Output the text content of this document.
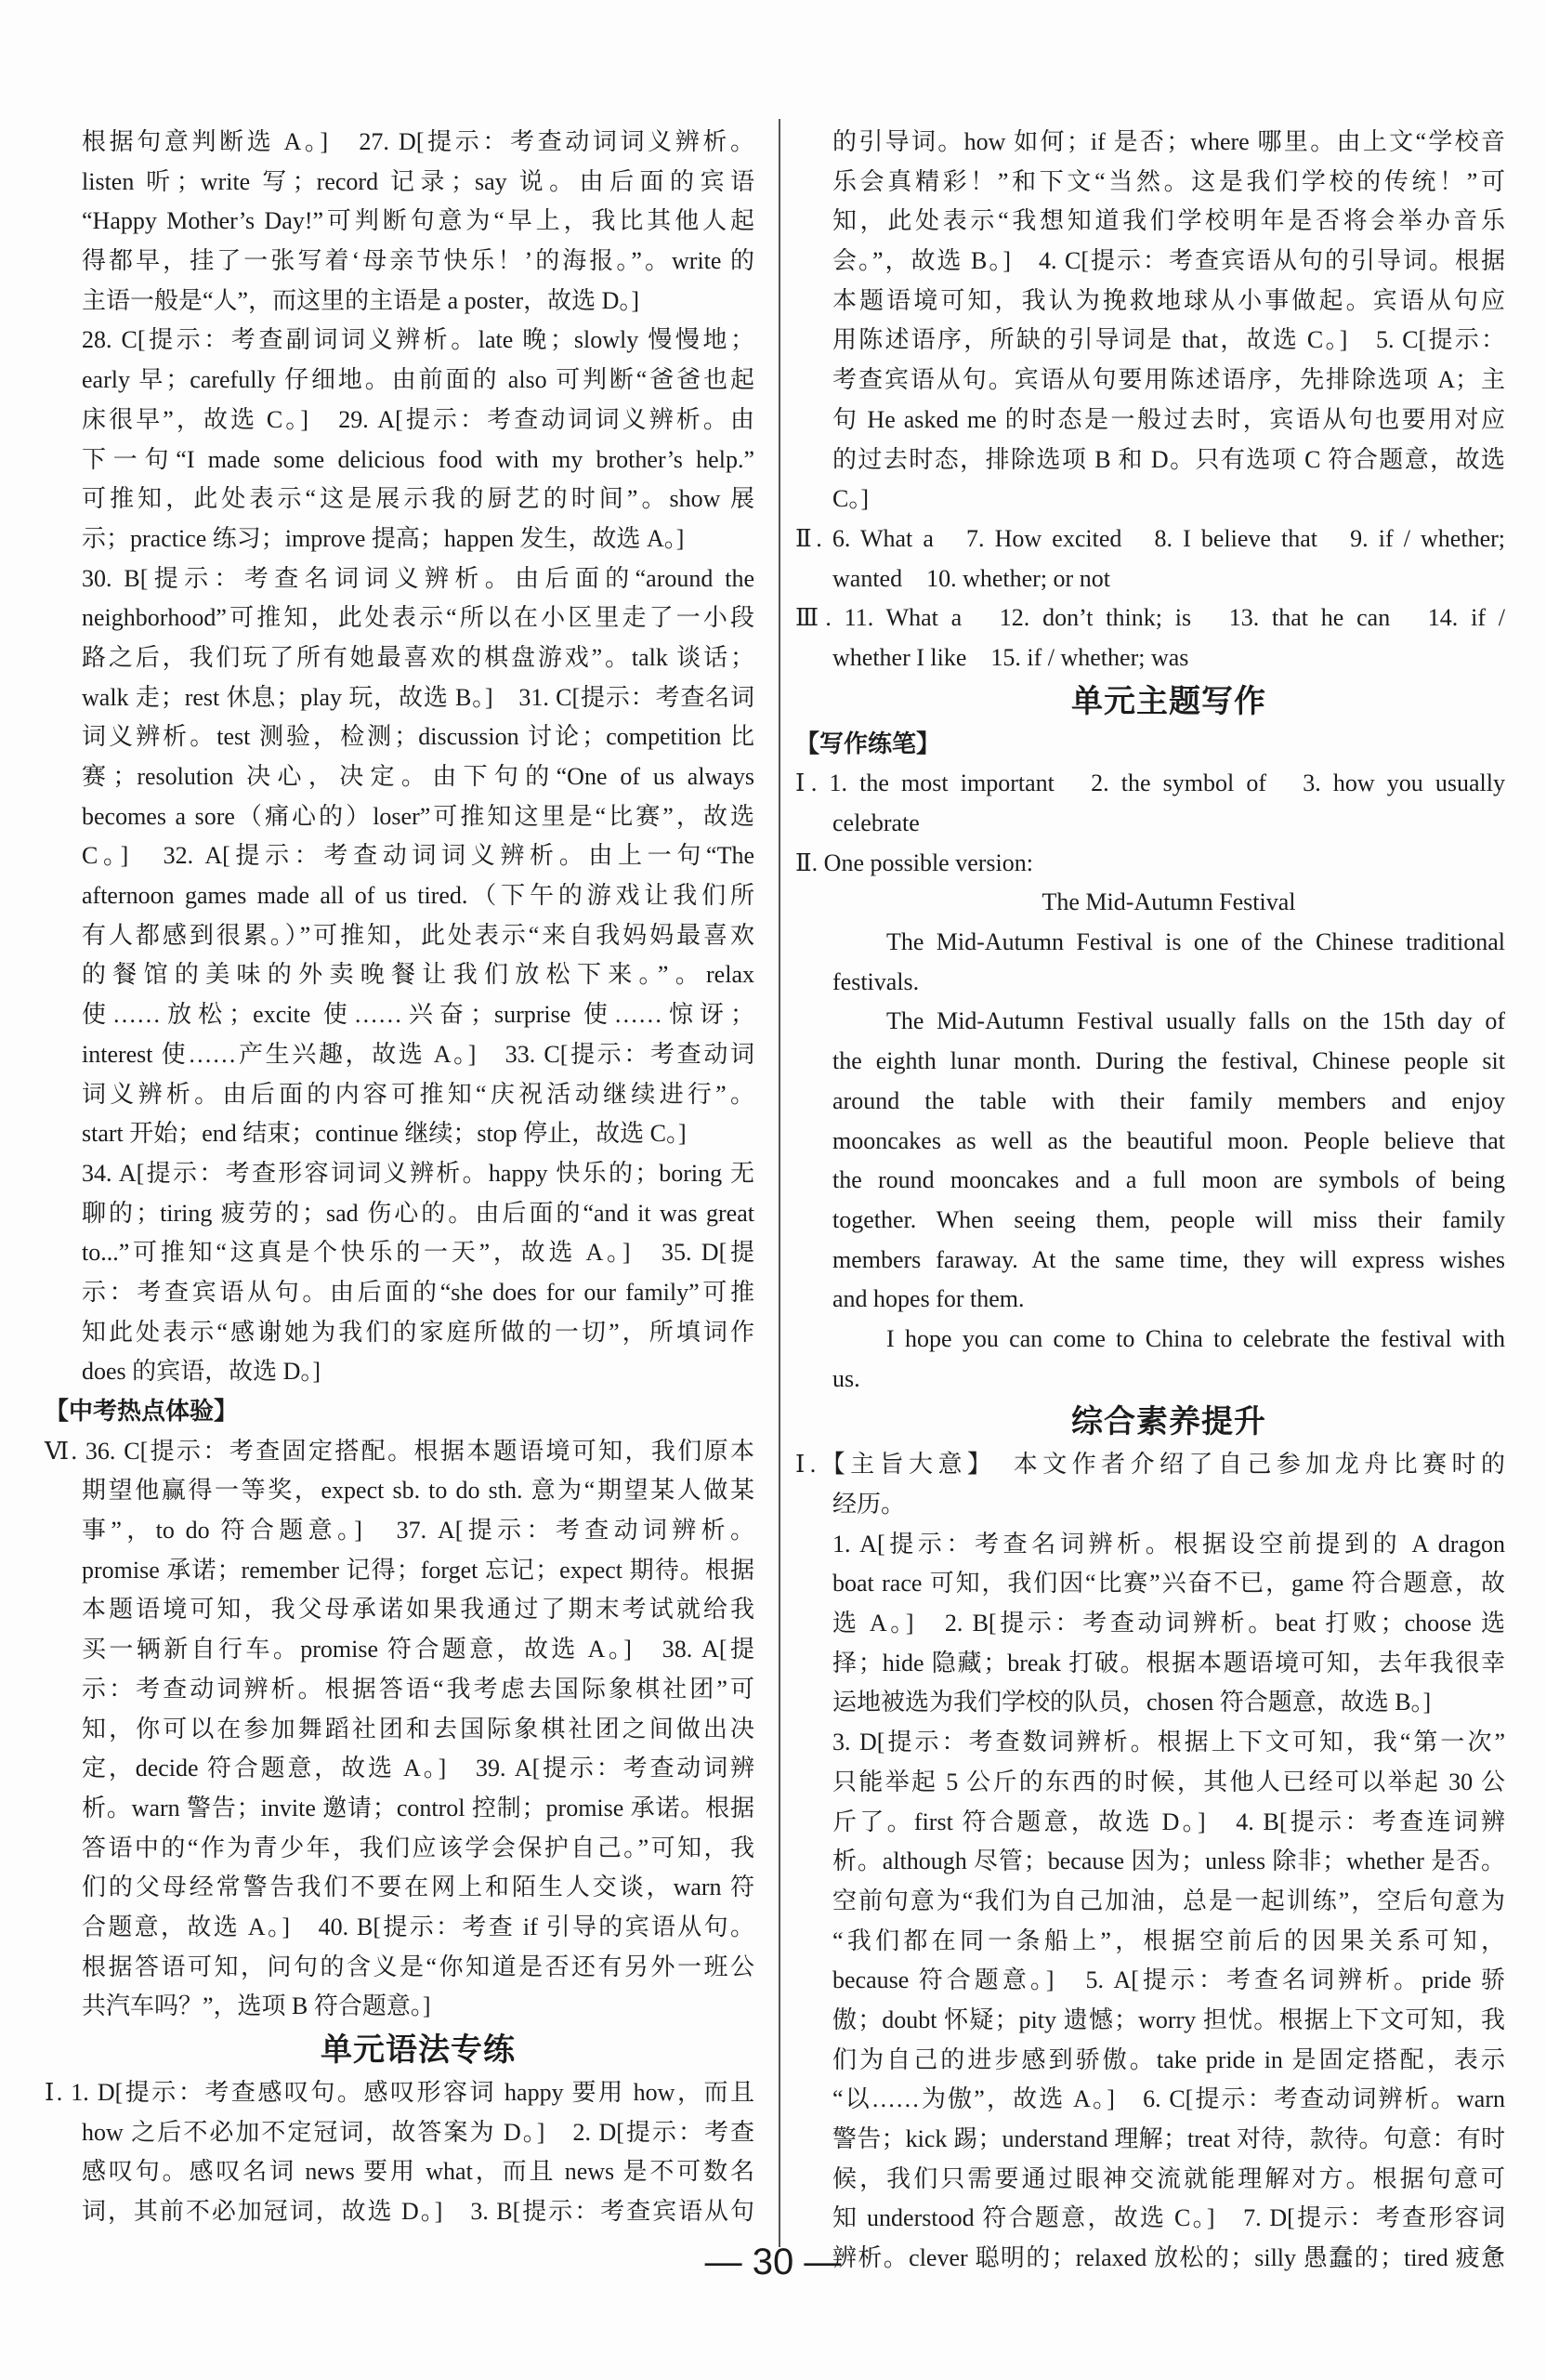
根据句意判断选 A。]　27. D[提示：考查动词词义辨析。
listen 听；write 写；record 记录；say 说。由后面的宾语
“Happy Mother’s Day!”可判断句意为“早上，我比其他人起
得都早，挂了一张写着‘母亲节快乐！’的海报。”。write 的
主语一般是“人”，而这里的主语是 a poster，故选 D。]
28. C[提示：考查副词词义辨析。late 晚；slowly 慢慢地；
early 早；carefully 仔细地。由前面的 also 可判断“爸爸也起
床很早”，故选 C。]　29. A[提示：考查动词词义辨析。由
下一句“I made some delicious food with my brother’s help.”
可推知，此处表示“这是展示我的厨艺的时间”。show 展
示；practice 练习；improve 提高；happen 发生，故选 A。]
30. B[提示：考查名词词义辨析。由后面的“around the
neighborhood”可推知，此处表示“所以在小区里走了一小段
路之后，我们玩了所有她最喜欢的棋盘游戏”。talk 谈话；
walk 走；rest 休息；play 玩，故选 B。]　31. C[提示：考查名词
词义辨析。test 测验，检测；discussion 讨论；competition 比
赛；resolution 决心，决定。由下句的“One of us always
becomes a sore（痛心的）loser”可推知这里是“比赛”，故选
C。]　32. A[提示：考查动词词义辨析。由上一句“The
afternoon games made all of us tired.（下午的游戏让我们所
有人都感到很累。）”可推知，此处表示“来自我妈妈最喜欢
的餐馆的美味的外卖晚餐让我们放松下来。”。relax
使……放松；excite 使……兴奋；surprise 使……惊讶；
interest 使……产生兴趣，故选 A。]　33. C[提示：考查动词
词义辨析。由后面的内容可推知“庆祝活动继续进行”。
start 开始；end 结束；continue 继续；stop 停止，故选 C。]
34. A[提示：考查形容词词义辨析。happy 快乐的；boring 无
聊的；tiring 疲劳的；sad 伤心的。由后面的“and it was great
to...”可推知“这真是个快乐的一天”，故选 A。]　35. D[提
示：考查宾语从句。由后面的“she does for our family”可推
知此处表示“感谢她为我们的家庭所做的一切”，所填词作
does 的宾语，故选 D。]
【中考热点体验】
Ⅵ. 36. C[提示：考查固定搭配。根据本题语境可知，我们原本
期望他赢得一等奖，expect sb. to do sth. 意为“期望某人做某
事”，to do 符合题意。]　37. A[提示：考查动词辨析。
promise 承诺；remember 记得；forget 忘记；expect 期待。根据
本题语境可知，我父母承诺如果我通过了期末考试就给我
买一辆新自行车。promise 符合题意，故选 A。]　38. A[提
示：考查动词辨析。根据答语“我考虑去国际象棋社团”可
知，你可以在参加舞蹈社团和去国际象棋社团之间做出决
定，decide 符合题意，故选 A。]　39. A[提示：考查动词辨
析。warn 警告；invite 邀请；control 控制；promise 承诺。根据
答语中的“作为青少年，我们应该学会保护自己。”可知，我
们的父母经常警告我们不要在网上和陌生人交谈，warn 符
合题意，故选 A。]　40. B[提示：考查 if 引导的宾语从句。
根据答语可知，问句的含义是“你知道是否还有另外一班公
共汽车吗？”，选项 B 符合题意。]
单元语法专练
Ⅰ. 1. D[提示：考查感叹句。感叹形容词 happy 要用 how，而且
how 之后不必加不定冠词，故答案为 D。]　2. D[提示：考查
感叹句。感叹名词 news 要用 what，而且 news 是不可数名
词，其前不必加冠词，故选 D。]　3. B[提示：考查宾语从句
的引导词。how 如何；if 是否；where 哪里。由上文“学校音
乐会真精彩！”和下文“当然。这是我们学校的传统！”可
知，此处表示“我想知道我们学校明年是否将会举办音乐
会。”，故选 B。]　4. C[提示：考查宾语从句的引导词。根据
本题语境可知，我认为挽救地球从小事做起。宾语从句应
用陈述语序，所缺的引导词是 that，故选 C。]　5. C[提示：
考查宾语从句。宾语从句要用陈述语序，先排除选项 A；主
句 He asked me 的时态是一般过去时，宾语从句也要用对应
的过去时态，排除选项 B 和 D。只有选项 C 符合题意，故选
C。]
Ⅱ. 6. What a　7. How excited　8. I believe that　9. if / whether;
wanted　10. whether; or not
Ⅲ. 11. What a　12. don’t think; is　13. that he can　14. if /
whether I like　15. if / whether; was
单元主题写作
【写作练笔】
Ⅰ. 1. the most important　2. the symbol of　3. how you usually
celebrate
Ⅱ. One possible version:
The Mid-Autumn Festival
The Mid-Autumn Festival is one of the Chinese traditional
festivals.
The Mid-Autumn Festival usually falls on the 15th day of
the eighth lunar month. During the festival, Chinese people sit
around the table with their family members and enjoy
mooncakes as well as the beautiful moon. People believe that
the round mooncakes and a full moon are symbols of being
together. When seeing them, people will miss their family
members faraway. At the same time, they will express wishes
and hopes for them.
I hope you can come to China to celebrate the festival with
us.
综合素养提升
Ⅰ.【主旨大意】　本文作者介绍了自己参加龙舟比赛时的
经历。
1. A[提示：考查名词辨析。根据设空前提到的 A dragon
boat race 可知，我们因“比赛”兴奋不已，game 符合题意，故
选 A。]　2. B[提示：考查动词辨析。beat 打败；choose 选
择；hide 隐藏；break 打破。根据本题语境可知，去年我很幸
运地被选为我们学校的队员，chosen 符合题意，故选 B。]
3. D[提示：考查数词辨析。根据上下文可知，我“第一次”
只能举起 5 公斤的东西的时候，其他人已经可以举起 30 公
斤了。first 符合题意，故选 D。]　4. B[提示：考查连词辨
析。although 尽管；because 因为；unless 除非；whether 是否。
空前句意为“我们为自己加油，总是一起训练”，空后句意为
“我们都在同一条船上”，根据空前后的因果关系可知，
because 符合题意。]　5. A[提示：考查名词辨析。pride 骄
傲；doubt 怀疑；pity 遗憾；worry 担忧。根据上下文可知，我
们为自己的进步感到骄傲。take pride in 是固定搭配，表示
“以……为傲”，故选 A。]　6. C[提示：考查动词辨析。warn
警告；kick 踢；understand 理解；treat 对待，款待。句意：有时
候，我们只需要通过眼神交流就能理解对方。根据句意可
知 understood 符合题意，故选 C。]　7. D[提示：考查形容词
辨析。clever 聪明的；relaxed 放松的；silly 愚蠢的；tired 疲惫
— 30 —
